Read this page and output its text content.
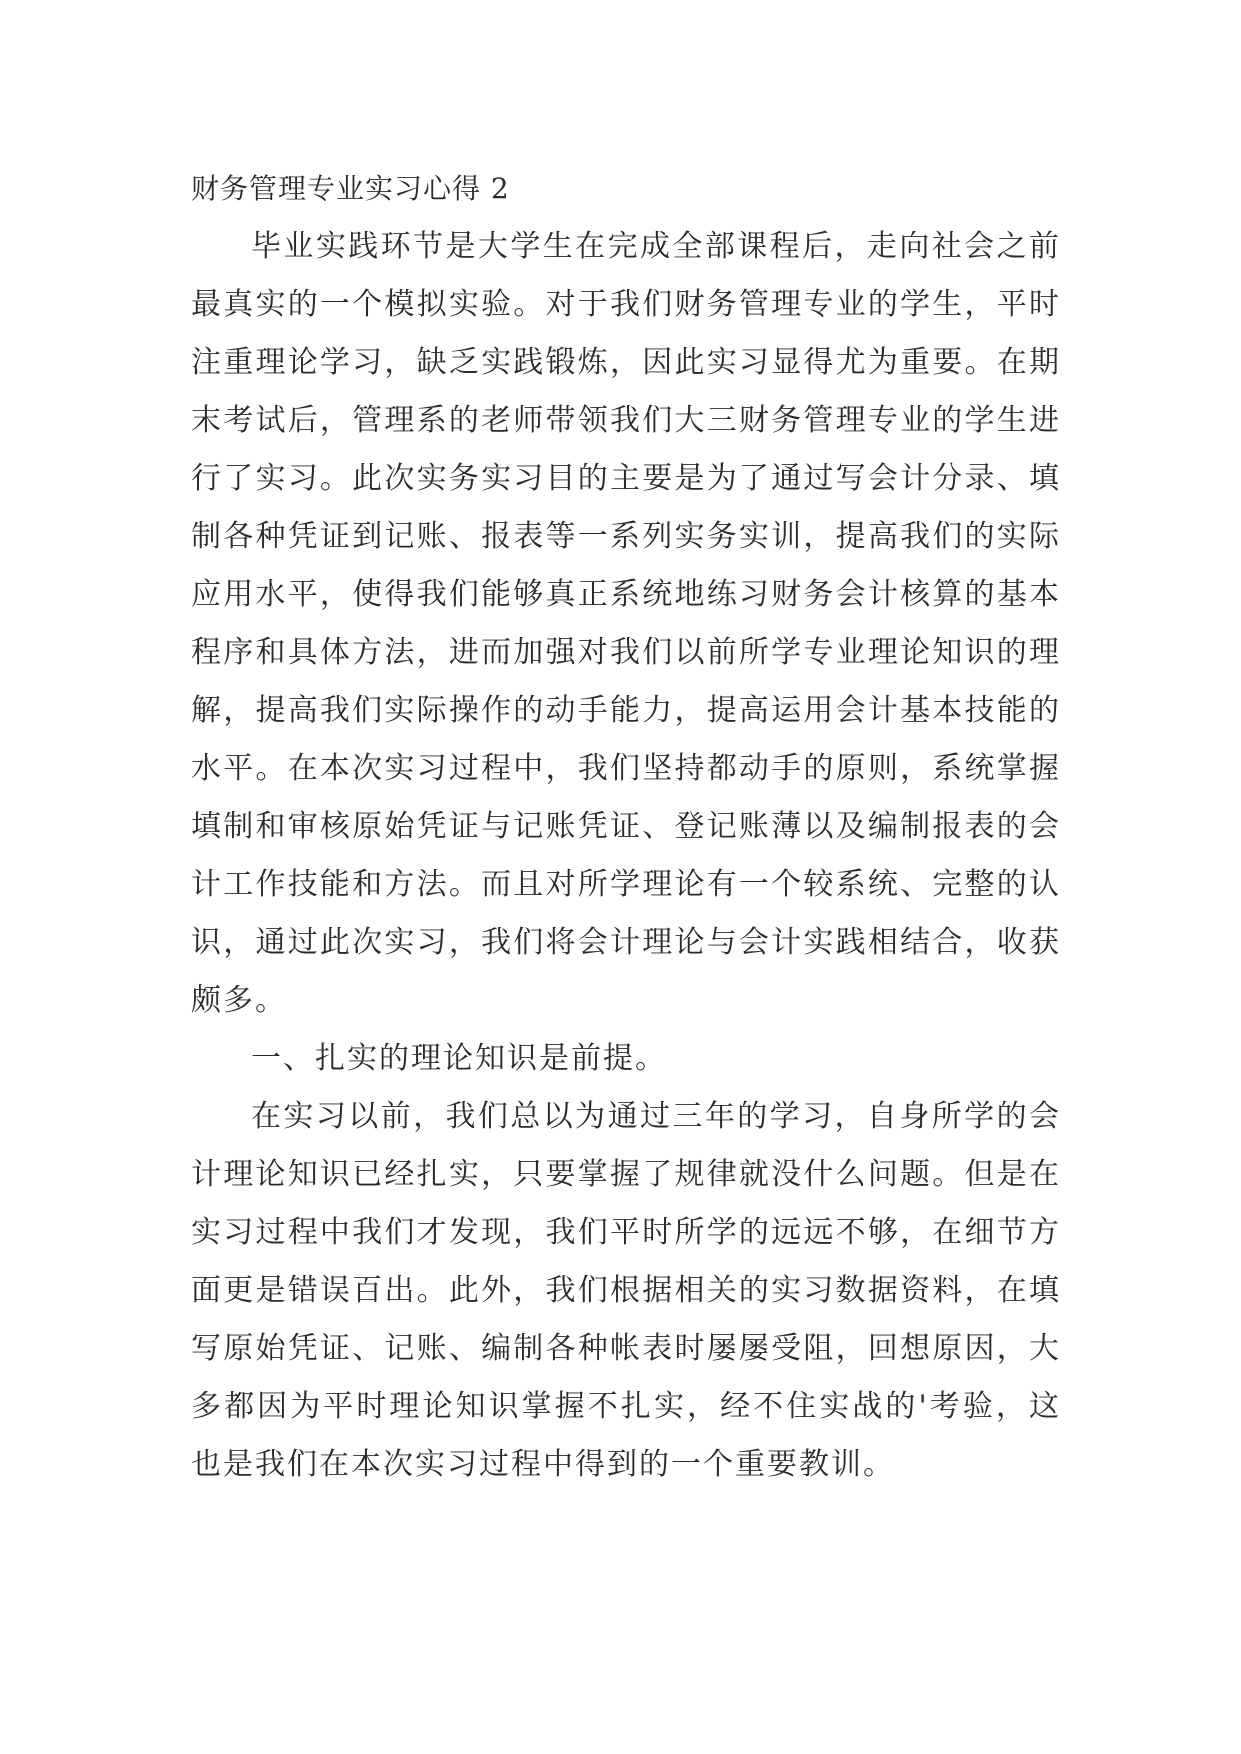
财务管理专业实习心得 2

毕业实践环节是大学生在完成全部课程后，走向社会之前最真实的一个模拟实验。对于我们财务管理专业的学生，平时注重理论学习，缺乏实践锻炼，因此实习显得尤为重要。在期末考试后，管理系的老师带领我们大三财务管理专业的学生进行了实习。此次实务实习目的主要是为了通过写会计分录、填制各种凭证到记账、报表等一系列实务实训，提高我们的实际应用水平，使得我们能够真正系统地练习财务会计核算的基本程序和具体方法，进而加强对我们以前所学专业理论知识的理解，提高我们实际操作的动手能力，提高运用会计基本技能的水平。在本次实习过程中，我们坚持都动手的原则，系统掌握填制和审核原始凭证与记账凭证、登记账薄以及编制报表的会计工作技能和方法。而且对所学理论有一个较系统、完整的认识，通过此次实习，我们将会计理论与会计实践相结合，收获颇多。

一、扎实的理论知识是前提。

在实习以前，我们总以为通过三年的学习，自身所学的会计理论知识已经扎实，只要掌握了规律就没什么问题。但是在实习过程中我们才发现，我们平时所学的远远不够，在细节方面更是错误百出。此外，我们根据相关的实习数据资料，在填写原始凭证、记账、编制各种帐表时屡屡受阻，回想原因，大多都因为平时理论知识掌握不扎实，经不住实战的'考验，这也是我们在本次实习过程中得到的一个重要教训。
